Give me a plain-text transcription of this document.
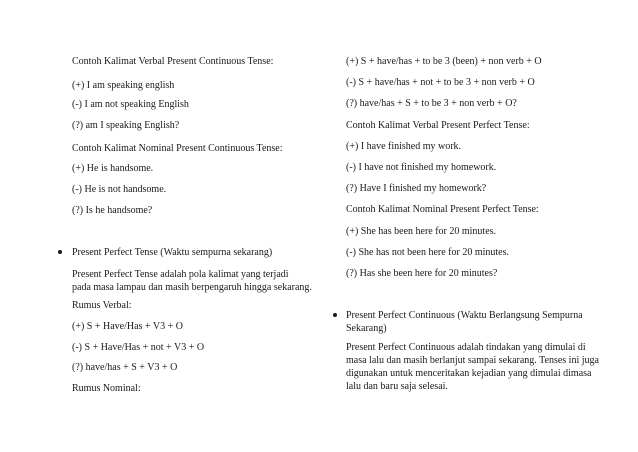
Contoh Kalimat Verbal Present Continuous Tense:
(+) I am speaking english
(-) I am not speaking English
(?) am I speaking English?
Contoh Kalimat Nominal Present Continuous Tense:
(+) He is handsome.
(-) He is not handsome.
(?) Is he handsome?
Present Perfect Tense (Waktu sempurna sekarang)
Present Perfect Tense adalah pola kalimat yang terjadi
pada masa lampau dan masih berpengaruh hingga sekarang.
Rumus Verbal:
(+) S + Have/Has + V3 + O
(-) S + Have/Has + not + V3 + O
(?) have/has + S + V3 + O
Rumus Nominal:
(+) S + have/has + to be 3 (been) + non verb + O
(-) S + have/has + not + to be 3 + non verb + O
(?) have/has + S + to be 3 + non verb + O?
Contoh Kalimat Verbal Present Perfect Tense:
(+) I have finished my work.
(-) I have not finished my homework.
(?) Have I finished my homework?
Contoh Kalimat Nominal Present Perfect Tense:
(+) She has been here for 20 minutes.
(-) She has not been here for 20 minutes.
(?) Has she been here for 20 minutes?
Present Perfect Continuous (Waktu Berlangsung Sempurna
Sekarang)
Present Perfect Continuous adalah tindakan yang dimulai di
masa lalu dan masih berlanjut sampai sekarang. Tenses ini juga
digunakan untuk menceritakan kejadian yang dimulai dimasa
lalu dan baru saja selesai.
